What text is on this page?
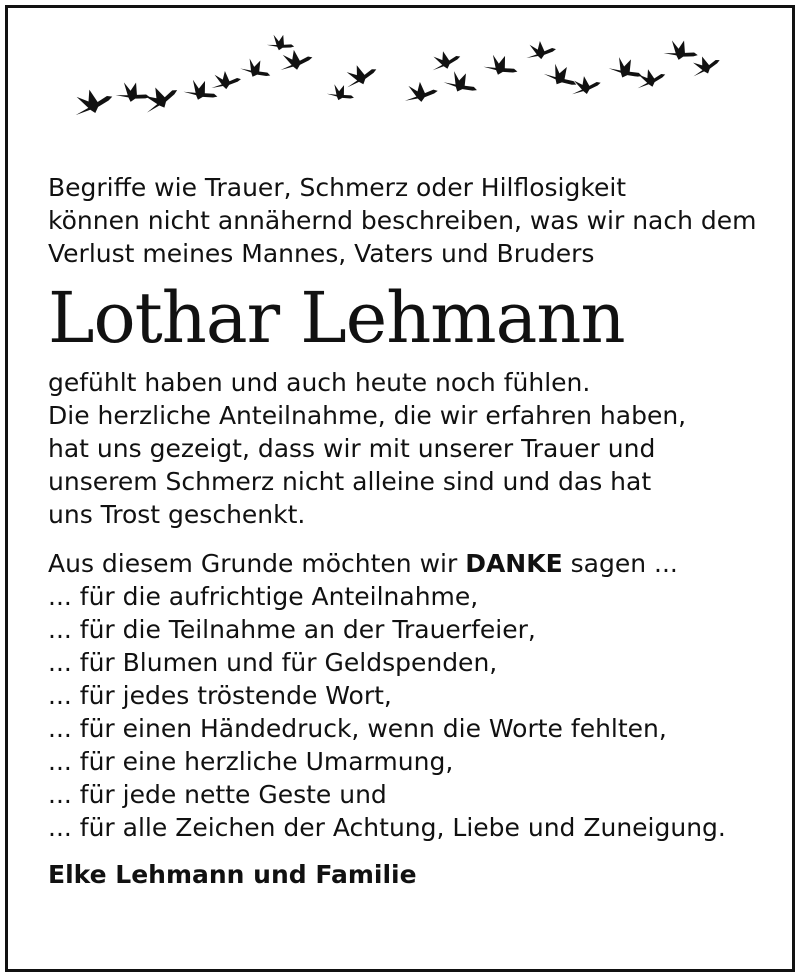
Begriffe wie Trauer, Schmerz oder Hilflosigkeit

können nicht annähernd beschreiben, was wir nach dem

Verlust meines Mannes, Vaters und Bruders

Lothar Lehmann

gefühlt haben und auch heute noch fühlen.

Die herzliche Anteilnahme, die wir erfahren haben,

hat uns gezeigt, dass wir mit unserer Trauer und

unserem Schmerz nicht alleine sind und das hat

uns Trost geschenkt.

Aus diesem Grunde möchten wir DANKE sagen ...

... für die aufrichtige Anteilnahme,

... für die Teilnahme an der Trauerfeier,

... für Blumen und für Geldspenden,

... für jedes tröstende Wort,

... für einen Händedruck, wenn die Worte fehlten,

... für eine herzliche Umarmung,

... für jede nette Geste und

... für alle Zeichen der Achtung, Liebe und Zuneigung.

Elke Lehmann und Familie
